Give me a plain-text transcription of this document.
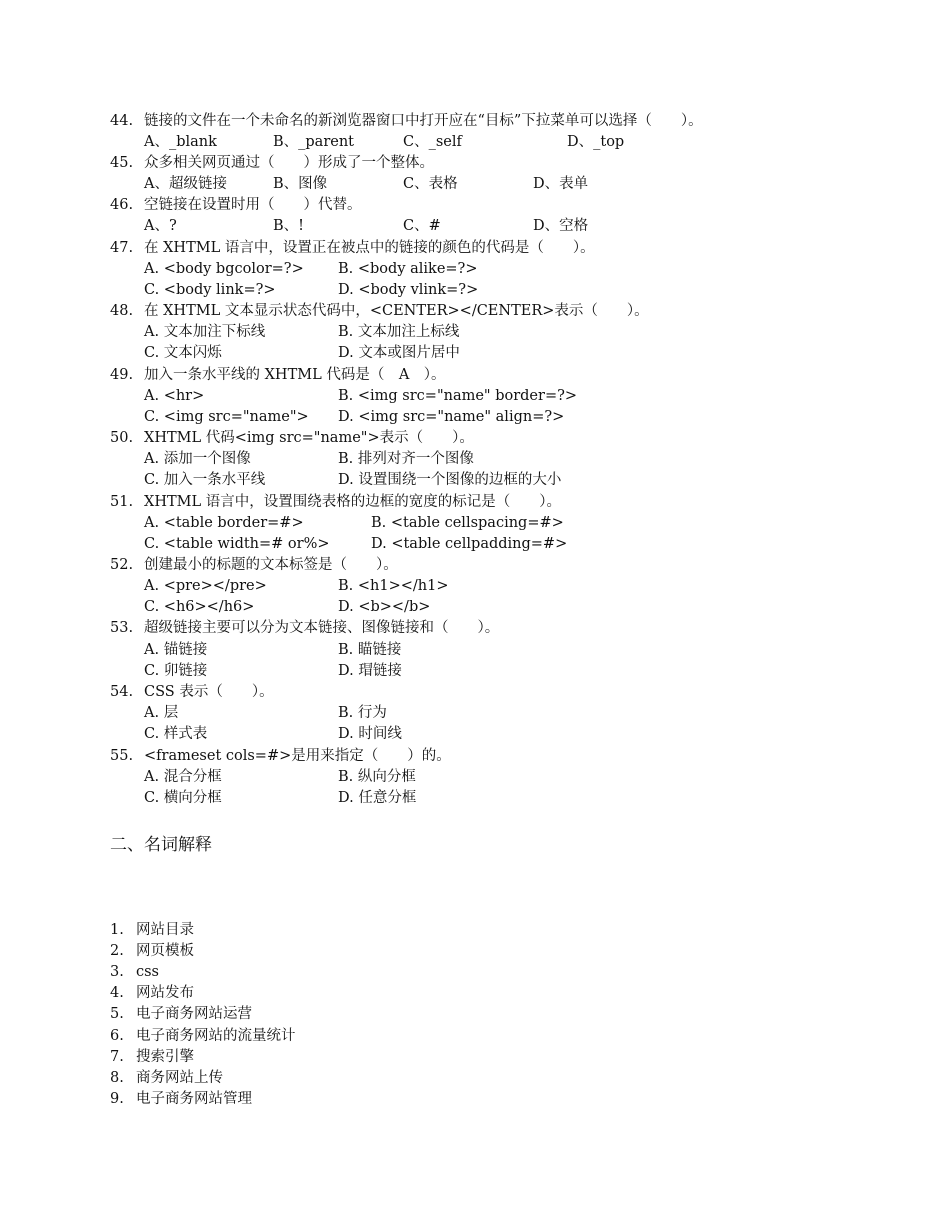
44. 链接的文件在一个未命名的新浏览器窗口中打开应在“目标”下拉菜单可以选择（　　）。
A、_blank	B、_parent	C、_self	D、_top
45. 众多相关网页通过（　　）形成了一个整体。
A、超级链接	B、图像	C、表格	D、表单
46. 空链接在设置时用（　　）代替。
A、?	B、!	C、#	D、空格
47. 在 XHTML 语言中，设置正在被点中的链接的颜色的代码是（　　）。
A. <body bgcolor=?> B. <body alike=?>
C. <body link=?>	D. <body vlink=?>
48. 在 XHTML 文本显示状态代码中，<CENTER></CENTER>表示（　　）。
A. 文本加注下标线	B. 文本加注上标线
C. 文本闪烁	D. 文本或图片居中
49. 加入一条水平线的 XHTML 代码是（　A　）。
A. <hr>	B. <img src="name" border=?>
C. <img src="name"> D. <img src="name" align=?>
50. XHTML 代码<img src="name">表示（　　）。
A. 添加一个图像	B. 排列对齐一个图像
C. 加入一条水平线	D. 设置围绕一个图像的边框的大小
51. XHTML 语言中，设置围绕表格的边框的宽度的标记是（　　）。
A. <table border=#>	B. <table cellspacing=#>
C. <table width=# or%>	D. <table cellpadding=#>
52. 创建最小的标题的文本标签是（　　）。
A. <pre></pre>	B. <h1></h1>
C. <h6></h6>	D. <b></b>
53. 超级链接主要可以分为文本链接、图像链接和（　　）。
A. 锚链接	B. 瞄链接
C. 卯链接	D. 瑁链接
54. CSS 表示（　　）。
A. 层	B. 行为
C. 样式表	D. 时间线
55. <frameset cols=#>是用来指定（　　）的。
A. 混合分框	B. 纵向分框
C. 横向分框	D. 任意分框
二、名词解释
1. 网站目录
2. 网页模板
3. css
4. 网站发布
5. 电子商务网站运营
6. 电子商务网站的流量统计
7. 搜索引擎
8. 商务网站上传
9. 电子商务网站管理
